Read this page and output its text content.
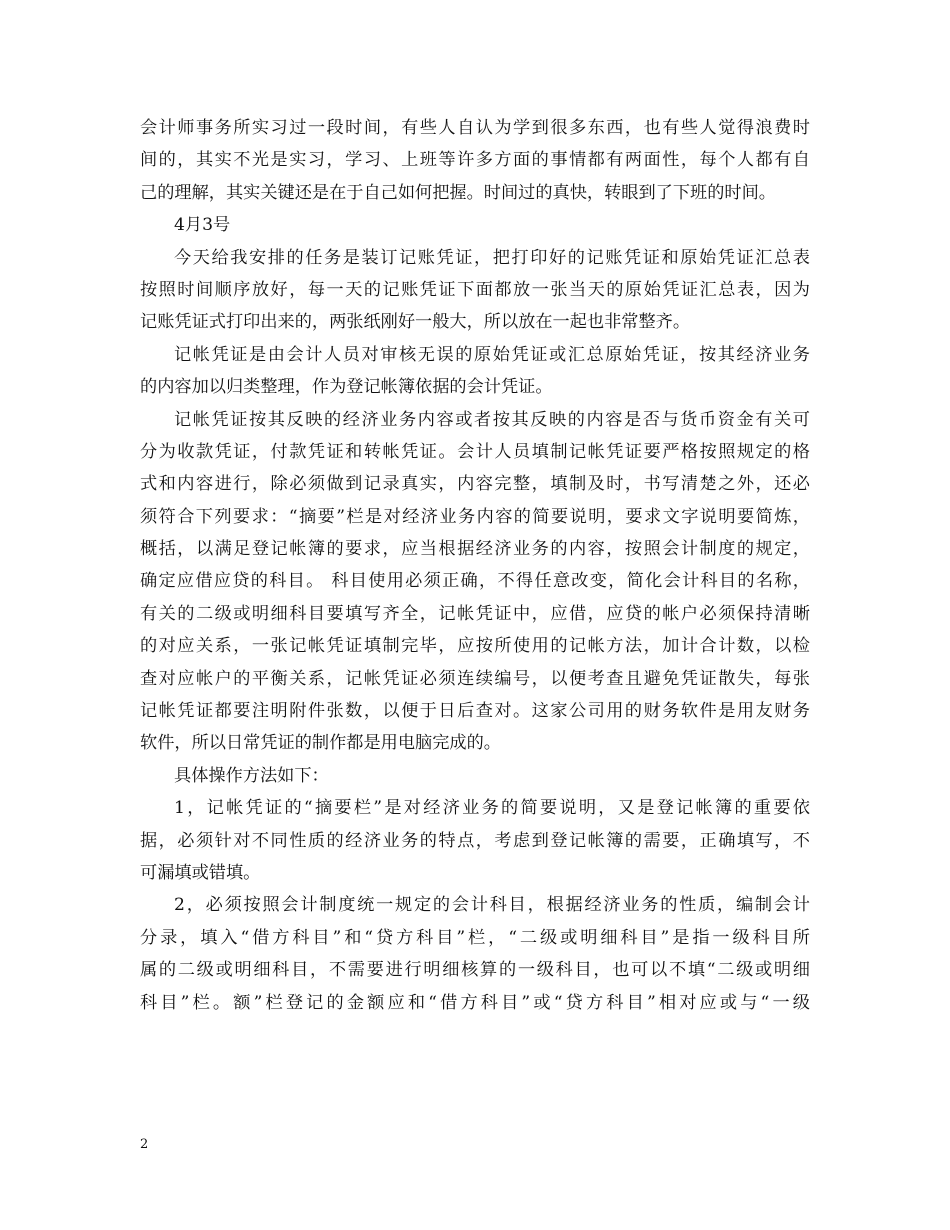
会计师事务所实习过一段时间，有些人自认为学到很多东西，也有些人觉得浪费时
间的，其实不光是实习，学习、上班等许多方面的事情都有两面性，每个人都有自
己的理解，其实关键还是在于自己如何把握。时间过的真快，转眼到了下班的时间。
4月3号
今天给我安排的任务是装订记账凭证，把打印好的记账凭证和原始凭证汇总表
按照时间顺序放好，每一天的记账凭证下面都放一张当天的原始凭证汇总表，因为
记账凭证式打印出来的，两张纸刚好一般大，所以放在一起也非常整齐。
记帐凭证是由会计人员对审核无误的原始凭证或汇总原始凭证，按其经济业务
的内容加以归类整理，作为登记帐簿依据的会计凭证。
记帐凭证按其反映的经济业务内容或者按其反映的内容是否与货币资金有关可
分为收款凭证，付款凭证和转帐凭证。会计人员填制记帐凭证要严格按照规定的格
式和内容进行，除必须做到记录真实，内容完整，填制及时，书写清楚之外，还必
须符合下列要求：“摘要”栏是对经济业务内容的简要说明，要求文字说明要简炼，
概括，以满足登记帐簿的要求，应当根据经济业务的内容，按照会计制度的规定，
确定应借应贷的科目。 科目使用必须正确，不得任意改变，简化会计科目的名称，
有关的二级或明细科目要填写齐全，记帐凭证中，应借，应贷的帐户必须保持清晰
的对应关系，一张记帐凭证填制完毕，应按所使用的记帐方法，加计合计数，以检
查对应帐户的平衡关系，记帐凭证必须连续编号，以便考查且避免凭证散失，每张
记帐凭证都要注明附件张数，以便于日后查对。这家公司用的财务软件是用友财务
软件，所以日常凭证的制作都是用电脑完成的。
具体操作方法如下：
1，记帐凭证的“摘要栏”是对经济业务的简要说明，又是登记帐簿的重要依
据，必须针对不同性质的经济业务的特点，考虑到登记帐簿的需要，正确填写，不
可漏填或错填。
2，必须按照会计制度统一规定的会计科目，根据经济业务的性质，编制会计
分录，填入“借方科目”和“贷方科目”栏，“二级或明细科目”是指一级科目所
属的二级或明细科目，不需要进行明细核算的一级科目，也可以不填“二级或明细
科目”栏。额”栏登记的金额应和“借方科目”或“贷方科目”相对应或与“一级
2
